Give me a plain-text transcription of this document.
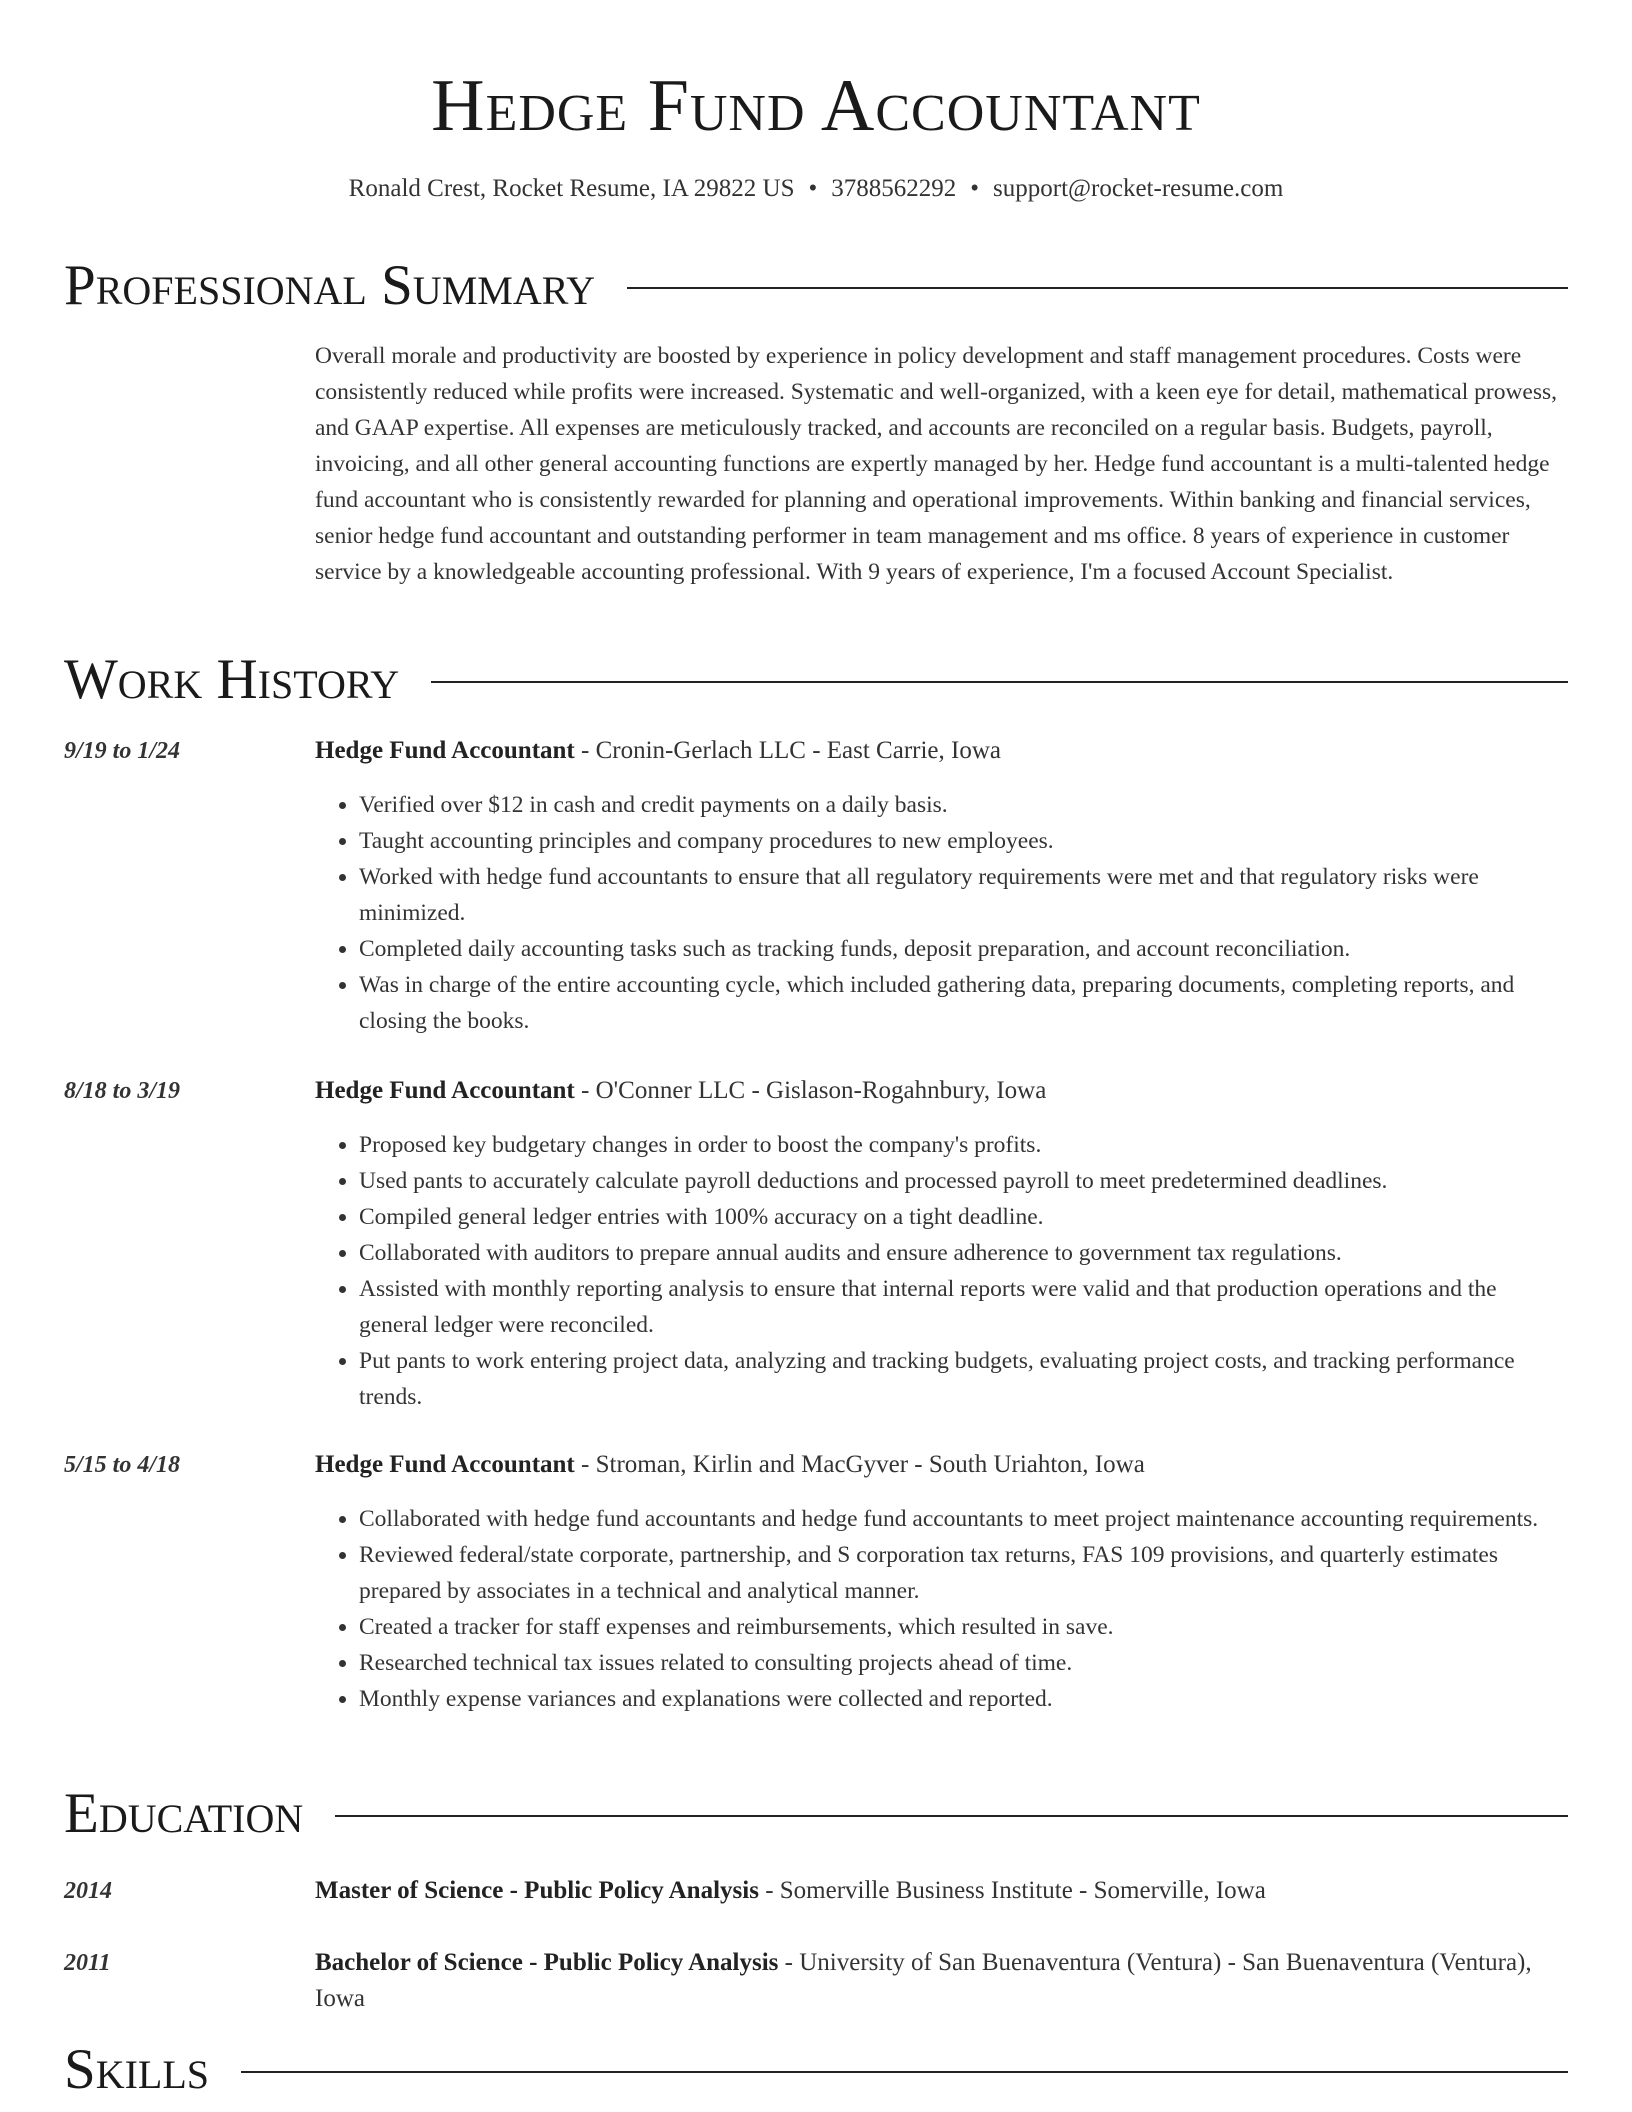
Hedge Fund Accountant
Ronald Crest, Rocket Resume, IA 29822 US • 3788562292 • support@rocket-resume.com
Professional Summary
Overall morale and productivity are boosted by experience in policy development and staff management procedures. Costs were consistently reduced while profits were increased. Systematic and well-organized, with a keen eye for detail, mathematical prowess, and GAAP expertise. All expenses are meticulously tracked, and accounts are reconciled on a regular basis. Budgets, payroll, invoicing, and all other general accounting functions are expertly managed by her. Hedge fund accountant is a multi-talented hedge fund accountant who is consistently rewarded for planning and operational improvements. Within banking and financial services, senior hedge fund accountant and outstanding performer in team management and ms office. 8 years of experience in customer service by a knowledgeable accounting professional. With 9 years of experience, I'm a focused Account Specialist.
Work History
9/19 to 1/24	Hedge Fund Accountant - Cronin-Gerlach LLC - East Carrie, Iowa
• Verified over $12 in cash and credit payments on a daily basis.
• Taught accounting principles and company procedures to new employees.
• Worked with hedge fund accountants to ensure that all regulatory requirements were met and that regulatory risks were minimized.
• Completed daily accounting tasks such as tracking funds, deposit preparation, and account reconciliation.
• Was in charge of the entire accounting cycle, which included gathering data, preparing documents, completing reports, and closing the books.
8/18 to 3/19	Hedge Fund Accountant - O'Conner LLC - Gislason-Rogahnbury, Iowa
• Proposed key budgetary changes in order to boost the company's profits.
• Used pants to accurately calculate payroll deductions and processed payroll to meet predetermined deadlines.
• Compiled general ledger entries with 100% accuracy on a tight deadline.
• Collaborated with auditors to prepare annual audits and ensure adherence to government tax regulations.
• Assisted with monthly reporting analysis to ensure that internal reports were valid and that production operations and the general ledger were reconciled.
• Put pants to work entering project data, analyzing and tracking budgets, evaluating project costs, and tracking performance trends.
5/15 to 4/18	Hedge Fund Accountant - Stroman, Kirlin and MacGyver - South Uriahton, Iowa
• Collaborated with hedge fund accountants and hedge fund accountants to meet project maintenance accounting requirements.
• Reviewed federal/state corporate, partnership, and S corporation tax returns, FAS 109 provisions, and quarterly estimates prepared by associates in a technical and analytical manner.
• Created a tracker for staff expenses and reimbursements, which resulted in save.
• Researched technical tax issues related to consulting projects ahead of time.
• Monthly expense variances and explanations were collected and reported.
Education
2014	Master of Science - Public Policy Analysis - Somerville Business Institute - Somerville, Iowa
2011	Bachelor of Science - Public Policy Analysis - University of San Buenaventura (Ventura) - San Buenaventura (Ventura), Iowa
Skills
